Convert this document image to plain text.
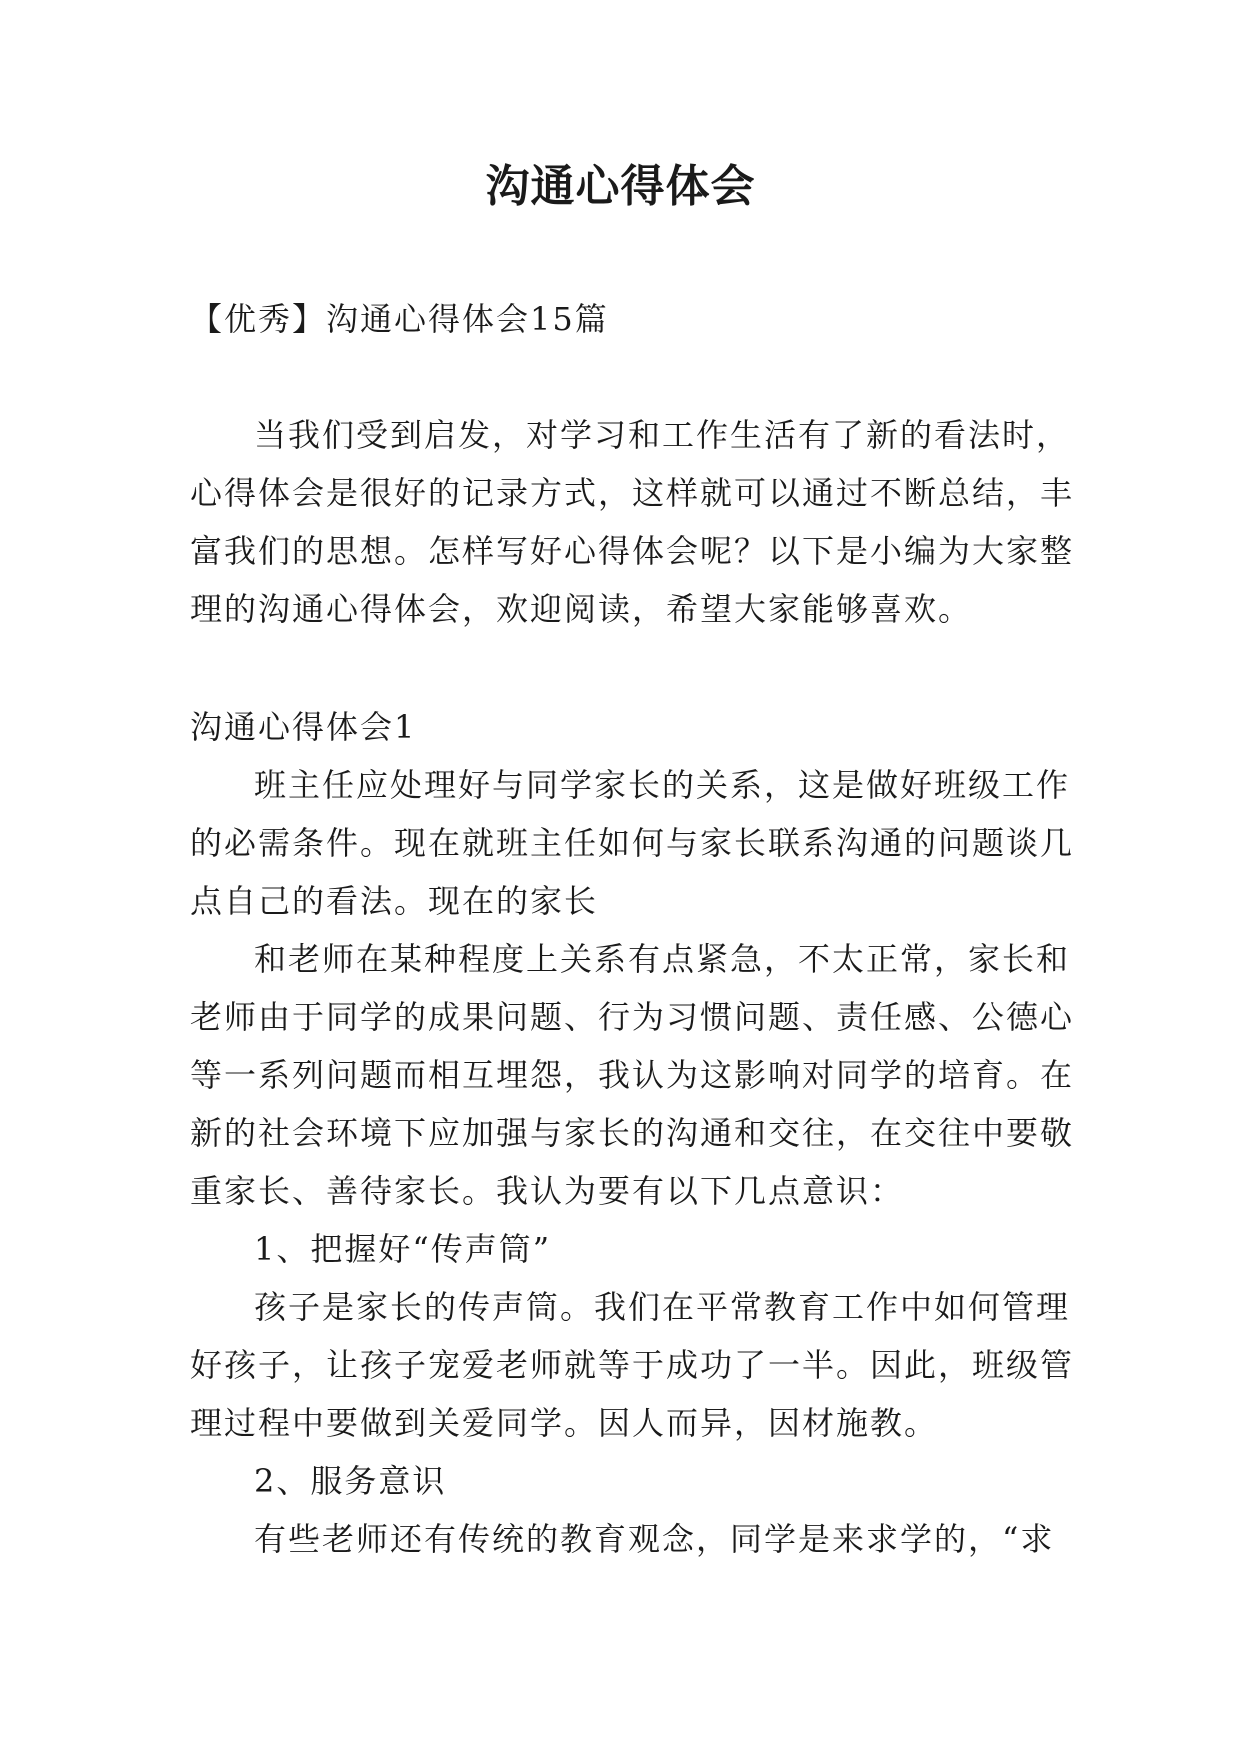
沟通心得体会
【优秀】沟通心得体会15篇
当我们受到启发，对学习和工作生活有了新的看法时，
心得体会是很好的记录方式，这样就可以通过不断总结，丰
富我们的思想。怎样写好心得体会呢？以下是小编为大家整
理的沟通心得体会，欢迎阅读，希望大家能够喜欢。
沟通心得体会1
班主任应处理好与同学家长的关系，这是做好班级工作
的必需条件。现在就班主任如何与家长联系沟通的问题谈几
点自己的看法。现在的家长
和老师在某种程度上关系有点紧急，不太正常，家长和
老师由于同学的成果问题、行为习惯问题、责任感、公德心
等一系列问题而相互埋怨，我认为这影响对同学的培育。在
新的社会环境下应加强与家长的沟通和交往，在交往中要敬
重家长、善待家长。我认为要有以下几点意识：
1、把握好“传声筒”
孩子是家长的传声筒。我们在平常教育工作中如何管理
好孩子，让孩子宠爱老师就等于成功了一半。因此，班级管
理过程中要做到关爱同学。因人而异，因材施教。
2、服务意识
有些老师还有传统的教育观念，同学是来求学的，“求
